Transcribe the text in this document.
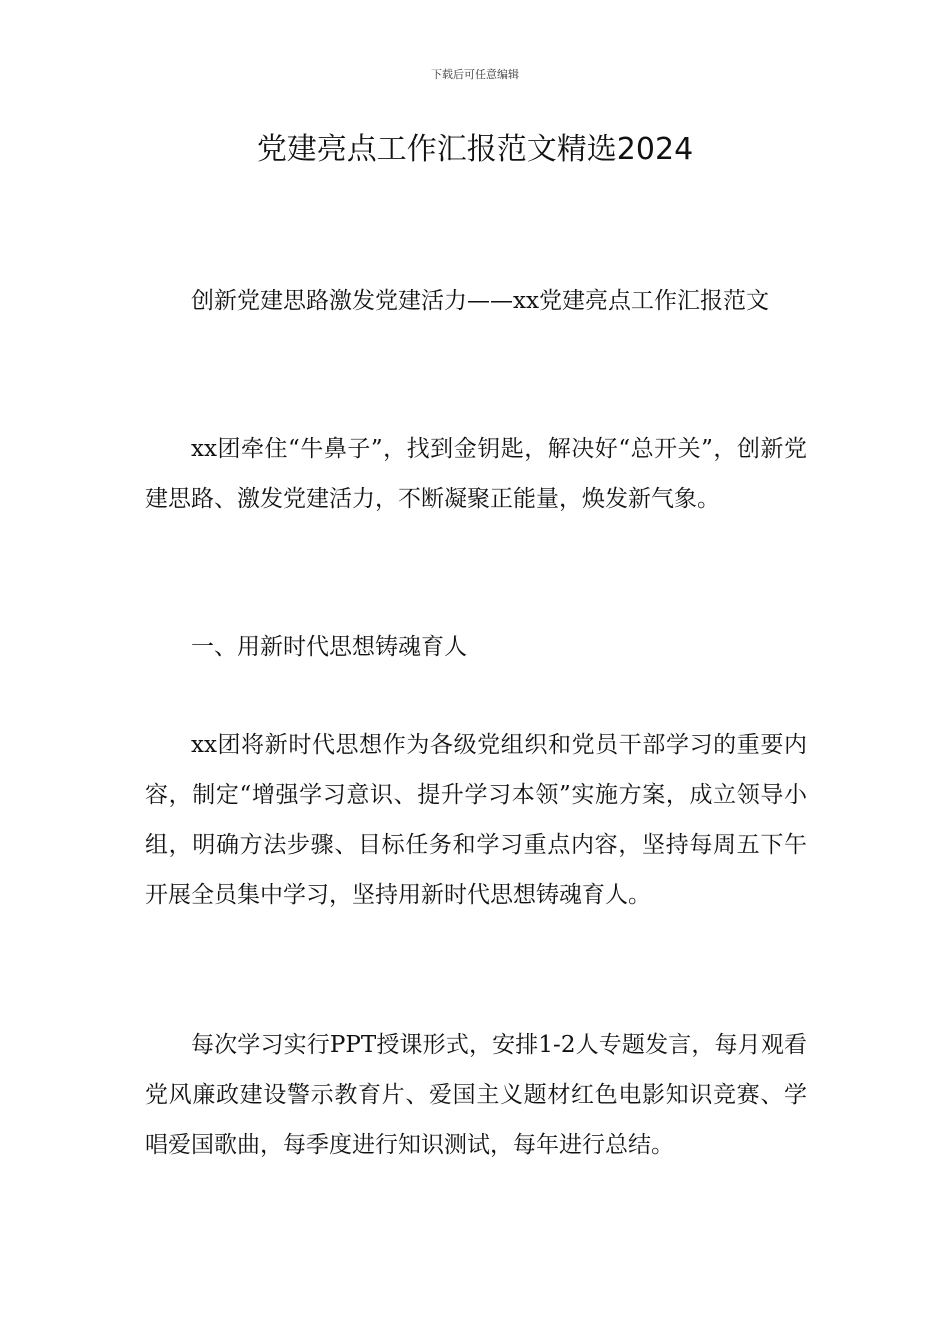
下载后可任意编辑
党建亮点工作汇报范文精选2024

创新党建思路激发党建活力——xx党建亮点工作汇报范文

xx团牵住“牛鼻子”，找到金钥匙，解决好“总开关”，创新党建思路、激发党建活力，不断凝聚正能量，焕发新气象。

一、用新时代思想铸魂育人

xx团将新时代思想作为各级党组织和党员干部学习的重要内容，制定“增强学习意识、提升学习本领”实施方案，成立领导小组，明确方法步骤、目标任务和学习重点内容，坚持每周五下午开展全员集中学习，坚持用新时代思想铸魂育人。

每次学习实行PPT授课形式，安排1-2人专题发言，每月观看党风廉政建设警示教育片、爱国主义题材红色电影知识竞赛、学唱爱国歌曲，每季度进行知识测试，每年进行总结。
